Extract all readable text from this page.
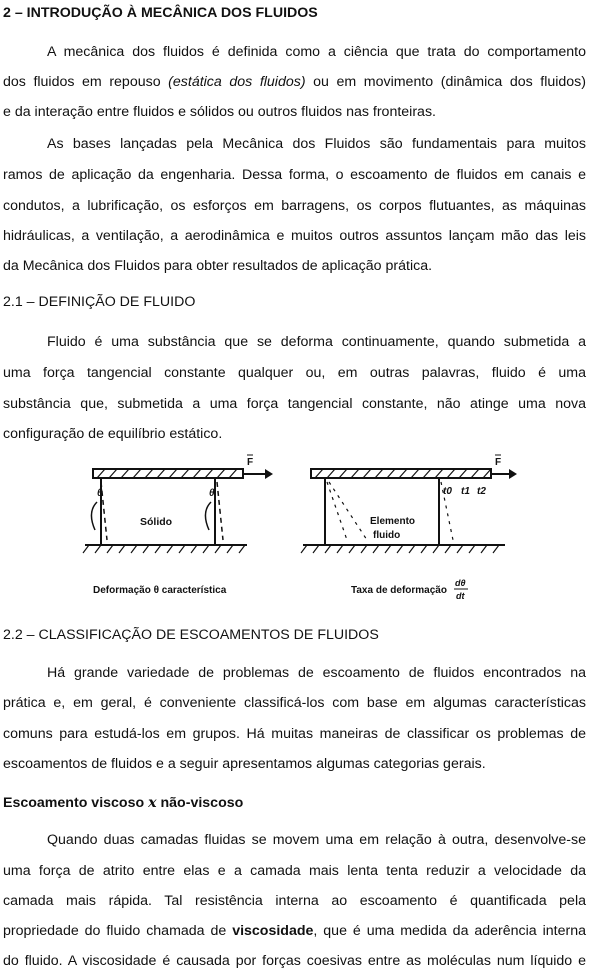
2 – INTRODUÇÃO À MECÂNICA DOS FLUIDOS
A mecânica dos fluidos é definida como a ciência que trata do comportamento
dos fluidos em repouso (estática dos fluidos) ou em movimento (dinâmica dos fluidos)
e da interação entre fluidos e sólidos ou outros fluidos nas fronteiras.
As bases lançadas pela Mecânica dos Fluidos são fundamentais para muitos
ramos de aplicação da engenharia. Dessa forma, o escoamento de fluidos em canais e
condutos, a lubrificação, os esforços em barragens, os corpos flutuantes, as máquinas
hidráulicas, a ventilação, a aerodinâmica e muitos outros assuntos lançam mão das leis
da Mecânica dos Fluidos para obter resultados de aplicação prática.
2.1 – DEFINIÇÃO DE FLUIDO
Fluido é uma substância que se deforma continuamente, quando submetida a
uma força tangencial constante qualquer ou, em outras palavras, fluido é uma
substância que, submetida a uma força tangencial constante, não atinge uma nova
configuração de equilíbrio estático.
F
θ	θ
Sólido
Deformação θ característica
F
t0 t1 t2
Elemento
fluido
Taxa de deformação
dθ
dt
2.2 – CLASSIFICAÇÃO DE ESCOAMENTOS DE FLUIDOS
Há grande variedade de problemas de escoamento de fluidos encontrados na
prática e, em geral, é conveniente classificá-los com base em algumas características
comuns para estudá-los em grupos. Há muitas maneiras de classificar os problemas de
escoamentos de fluidos e a seguir apresentamos algumas categorias gerais.
Escoamento viscoso x não-viscoso
Quando duas camadas fluidas se movem uma em relação à outra, desenvolve-se
uma força de atrito entre elas e a camada mais lenta tenta reduzir a velocidade da
camada mais rápida. Tal resistência interna ao escoamento é quantificada pela
propriedade do fluido chamada de viscosidade, que é uma medida da aderência interna
do fluido. A viscosidade é causada por forças coesivas entre as moléculas num líquido e
